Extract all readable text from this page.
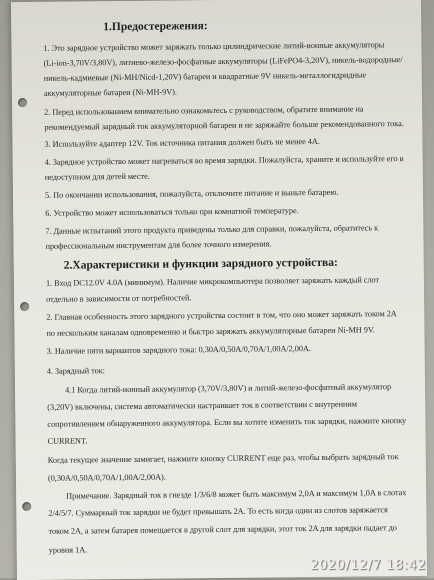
1.Предостережения:
1. Это зарядное устройство может заряжать только цилиндрические литий-ионные аккумуляторы
(Li-ion-3,70V/3,80V), литиево-железо-фосфатные аккумуляторы (LiFePO4-3,20V), никель-водородные/
никель-кадмиевые (Ni-MH/Nicd-1,20V) батареи и квадратные 9V никель-металлогидридные
аккумуляторные батареи (Ni-MH-9V).
2. Перед использованием внимательно ознакомьтесь с руководством, обратите внимание на
рекомендуемый зарядный ток аккумуляторной батареи и не заряжайте больше рекомендованного тока.
3. Используйте адаптер 12V. Ток источника питания должен быть не менее 4A.
4. Зарядное устройство может нагреваться во время зарядки. Пожалуйста, храните и используйте его в
недоступном для детей месте.
5. По окончании использования, пожалуйста, отключите питание и выньте батарею.
6. Устройство может использоваться только при комнатной температуре.
7. Данные испытаний этого продукта приведены только для справки, пожалуйста, обратитесь к
профессиональным инструментам для более точного измерения.
2.Характеристики и функции зарядного устройства:
1. Вход DC12.0V 4.0A (минимум). Наличие микрокомпьютера позволяет заряжать каждый слот
отдельно в зависимости от потребностей.
2. Главная особенность этого зарядного устройства состоит в том, что оно может заряжать током 2A
по нескольким каналам одновременно и быстро заряжать аккумуляторные батареи Ni-MH 9V.
3. Наличие пяти вариантов зарядного тока: 0,30A/0,50A/0,70A/1,00A/2,00A.
4. Зарядный ток:
4.1 Когда литий-ионный аккумулятор (3,70V/3,80V) и литий-железо-фосфатный аккумулятор
(3,20V) включены, система автоматически настраивает ток в соответствии с внутренним
сопротивлением обнаруженного аккумулятора. Если вы хотите изменить ток зарядки, нажмите кнопку
CURRENT.
Когда текущее значение замигает, нажмите кнопку CURRENT еще раз, чтобы выбрать зарядный ток
(0,30A/0,50A/0,70A/1,00A/2,00A).
Примечание. Зарядный ток в гнезде 1/3/6/8 может быть максимум 2,0A и максимум 1,0A в слотах
2/4/5/7. Суммарный ток зарядки не будет превышать 2A. То есть когда один из слотов заряжается
током 2A, а затем батарея помещается в другой слот для зарядки, этот ток 2A для зарядки падает до
уровня 1A.
2020/12/7 18:42
